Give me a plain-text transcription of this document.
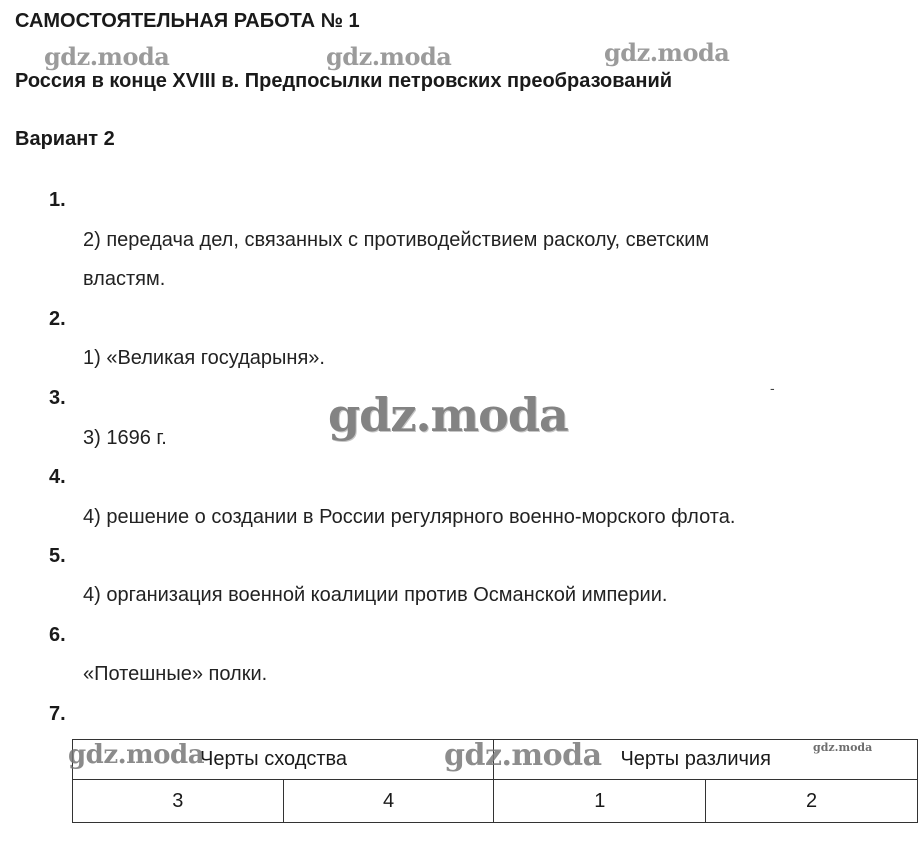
САМОСТОЯТЕЛЬНАЯ РАБОТА № 1
gdz.moda	gdz.moda	gdz.moda
Россия в конце XVIII в. Предпосылки петровских преобразований
Вариант 2
1.
2) передача дел, связанных с противодействием расколу, светским
властям.
2.
1) «Великая государыня».
3.
3) 1696 г.	gdz.moda	-
4.
4) решение о создании в России регулярного военно-морского флота.
5.
4) организация военной коалиции против Османской империи.
6.
«Потешные» полки.
7.
Черты сходства		Черты различия	
3	4	1	2
gdz.moda	gdz.moda	gdz.moda
